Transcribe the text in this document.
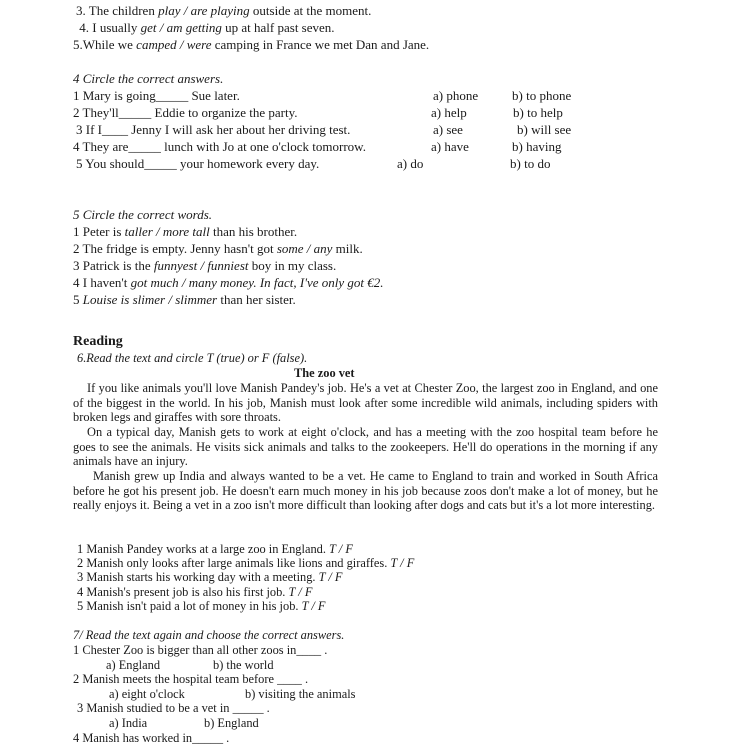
3. The children play / are playing outside at the moment.
4. I usually get / am getting up at half past seven.
5.While we camped / were camping in France we met Dan and Jane.
4 Circle the correct answers.
1 Mary is going_____ Sue later.	a) phone	b) to phone
2 They'll_____ Eddie to organize the party.	a) help	b) to help
3 If I____ Jenny I will ask her about her driving test.	a) see	b) will see
4 They are_____ lunch with Jo at one o'clock tomorrow.	a) have	b) having
5 You should_____ your homework every day.	a) do	b) to do
5 Circle the correct words.
1 Peter is taller / more tall than his brother.
2 The fridge is empty. Jenny hasn't got some / any milk.
3 Patrick is the funnyest / funniest boy in my class.
4 I haven't got much / many money. In fact, I've only got €2.
5 Louise is slimer / slimmer than her sister.
Reading
6.Read the text and circle T (true) or F (false).
The zoo vet
If you like animals you'll love Manish Pandey's job. He's a vet at Chester Zoo, the largest zoo in England, and one of the biggest in the world. In his job, Manish must look after some incredible wild animals, including spiders with broken legs and giraffes with sore throats.
On a typical day, Manish gets to work at eight o'clock, and has a meeting with the zoo hospital team before he goes to see the animals. He visits sick animals and talks to the zookeepers. He'll do operations in the morning if any animals have an injury.
Manish grew up India and always wanted to be a vet. He came to England to train and worked in South Africa before he got his present job. He doesn't earn much money in his job because zoos don't make a lot of money, but he really enjoys it. Being a vet in a zoo isn't more difficult than looking after dogs and cats but it's a lot more interesting.
1 Manish Pandey works at a large zoo in England. T / F
2 Manish only looks after large animals like lions and giraffes. T / F
3 Manish starts his working day with a meeting. T / F
4 Manish's present job is also his first job. T / F
5 Manish isn't paid a lot of money in his job. T / F
7/ Read the text again and choose the correct answers.
1 Chester Zoo is bigger than all other zoos in____ .
a) England	b) the world
2 Manish meets the hospital team before ____ .
a) eight o'clock	b) visiting the animals
3 Manish studied to be a vet in _____ .
a) India	b) England
4 Manish has worked in_____ .
